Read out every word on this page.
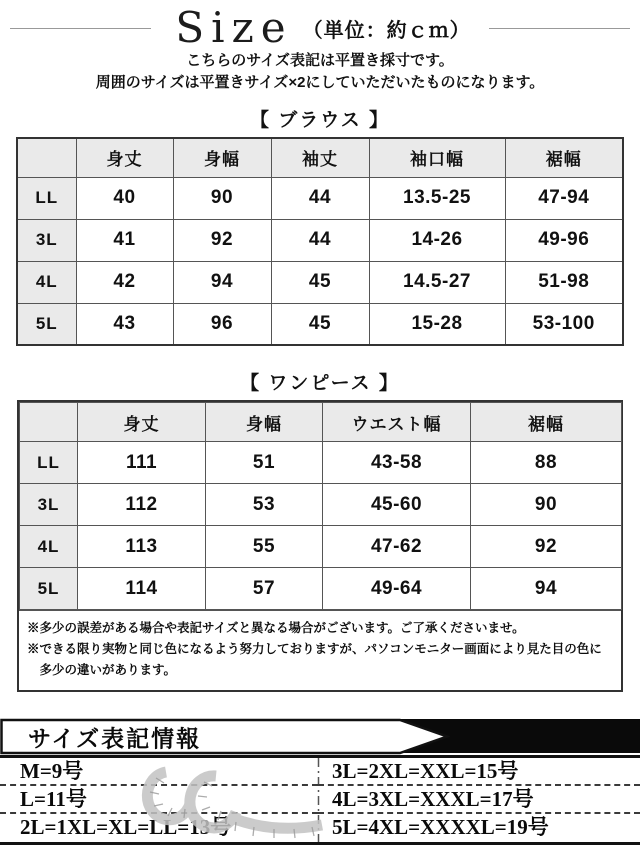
Size （単位：約ｃｍ）
こちらのサイズ表記は平置き採寸です。
周囲のサイズは平置きサイズ×2にしていただいたものになります。
【 ブラウス 】
	身丈	身幅	袖丈	袖口幅	裾幅
LL	40	90	44	13.5-25	47-94
3L	41	92	44	14-26	49-96
4L	42	94	45	14.5-27	51-98
5L	43	96	45	15-28	53-100
【 ワンピース 】
	身丈	身幅	ウエスト幅	裾幅
LL	111	51	43-58	88
3L	112	53	45-60	90
4L	113	55	47-62	92
5L	114	57	49-64	94
※多少の誤差がある場合や表記サイズと異なる場合がございます。ご了承くださいませ。
※できる限り実物と同じ色になるよう努力しておりますが、パソコンモニター画面により見た目の色に多少の違いがあります。
サイズ表記情報
M=9号
L=11号
2L=1XL=XL=LL=13号
3L=2XL=XXL=15号
4L=3XL=XXXL=17号
5L=4XL=XXXXL=19号
